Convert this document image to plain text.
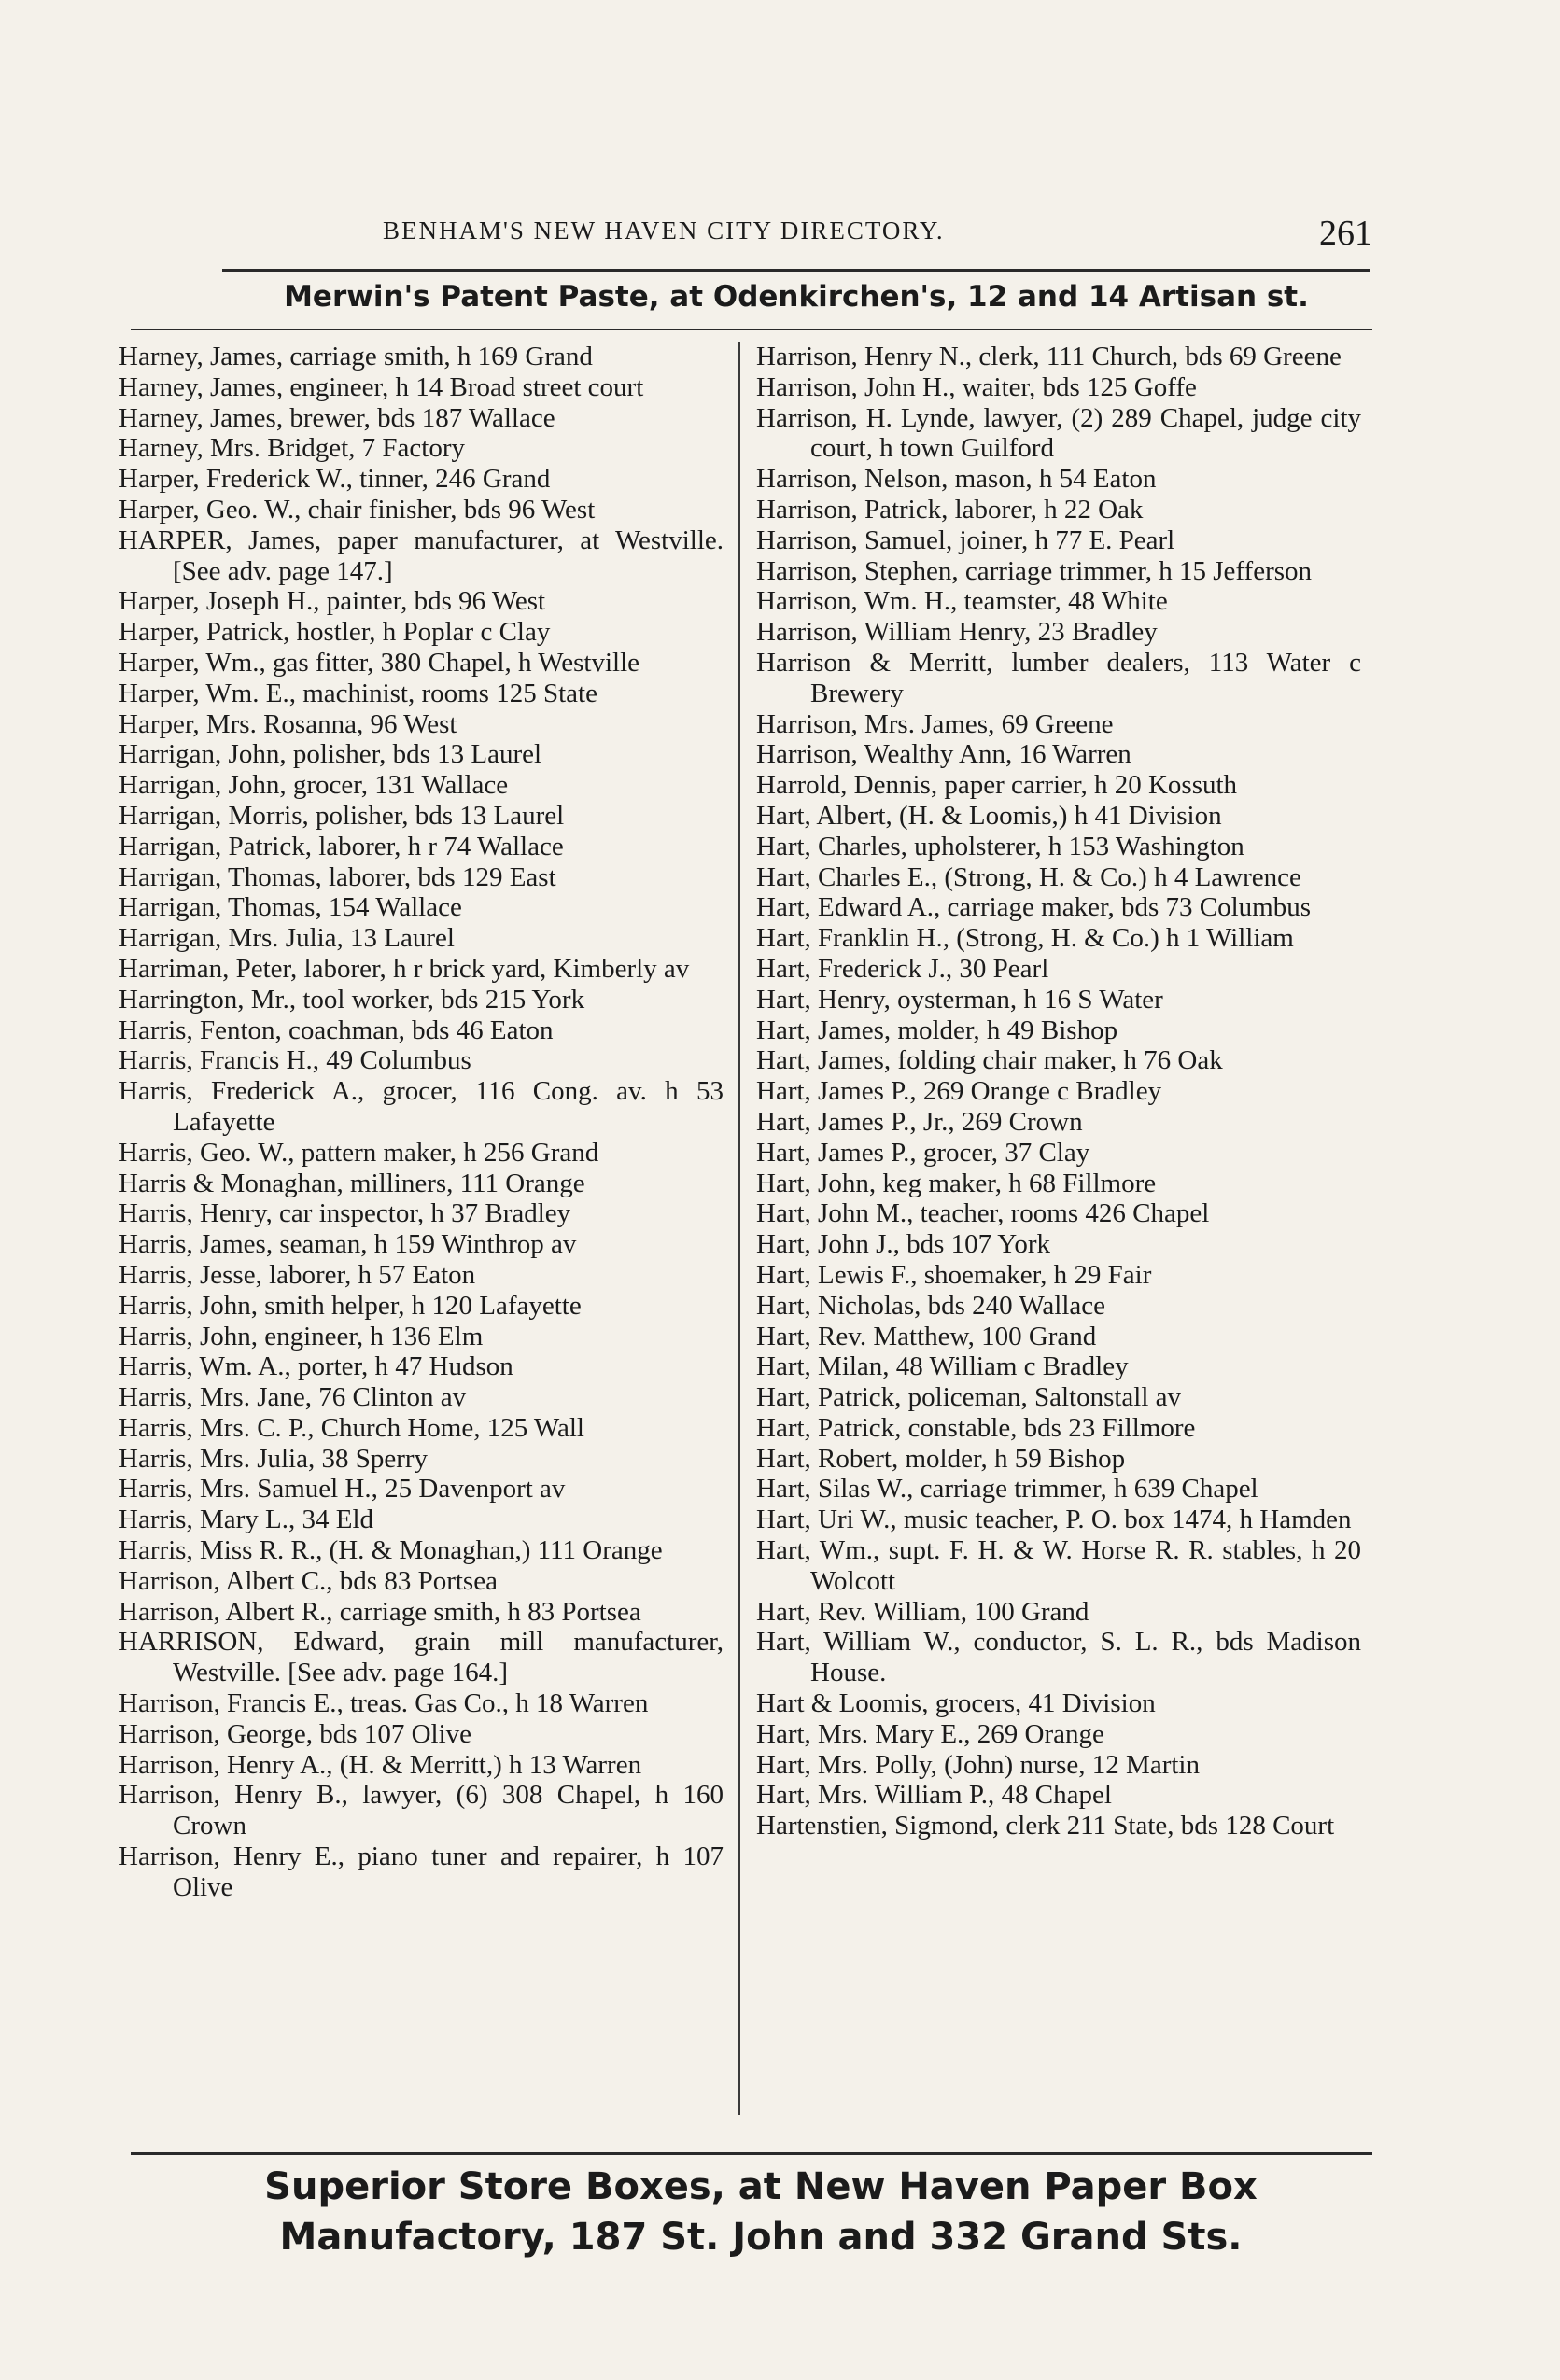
BENHAM'S NEW HAVEN CITY DIRECTORY.	261
Merwin's Patent Paste, at Odenkirchen's, 12 and 14 Artisan st.
Harney, James, carriage smith, h 169 Grand
Harney, James, engineer, h 14 Broad street court
Harney, James, brewer, bds 187 Wallace
Harney, Mrs. Bridget, 7 Factory
Harper, Frederick W., tinner, 246 Grand
Harper, Geo. W., chair finisher, bds 96 West
HARPER, James, paper manufacturer, at Westville. [See adv. page 147.]
Harper, Joseph H., painter, bds 96 West
Harper, Patrick, hostler, h Poplar c Clay
Harper, Wm., gas fitter, 380 Chapel, h Westville
Harper, Wm. E., machinist, rooms 125 State
Harper, Mrs. Rosanna, 96 West
Harrigan, John, polisher, bds 13 Laurel
Harrigan, John, grocer, 131 Wallace
Harrigan, Morris, polisher, bds 13 Laurel
Harrigan, Patrick, laborer, h r 74 Wallace
Harrigan, Thomas, laborer, bds 129 East
Harrigan, Thomas, 154 Wallace
Harrigan, Mrs. Julia, 13 Laurel
Harriman, Peter, laborer, h r brick yard, Kimberly av
Harrington, Mr., tool worker, bds 215 York
Harris, Fenton, coachman, bds 46 Eaton
Harris, Francis H., 49 Columbus
Harris, Frederick A., grocer, 116 Cong. av. h 53 Lafayette
Harris, Geo. W., pattern maker, h 256 Grand
Harris & Monaghan, milliners, 111 Orange
Harris, Henry, car inspector, h 37 Bradley
Harris, James, seaman, h 159 Winthrop av
Harris, Jesse, laborer, h 57 Eaton
Harris, John, smith helper, h 120 Lafayette
Harris, John, engineer, h 136 Elm
Harris, Wm. A., porter, h 47 Hudson
Harris, Mrs. Jane, 76 Clinton av
Harris, Mrs. C. P., Church Home, 125 Wall
Harris, Mrs. Julia, 38 Sperry
Harris, Mrs. Samuel H., 25 Davenport av
Harris, Mary L., 34 Eld
Harris, Miss R. R., (H. & Monaghan,) 111 Orange
Harrison, Albert C., bds 83 Portsea
Harrison, Albert R., carriage smith, h 83 Portsea
HARRISON, Edward, grain mill manufacturer, Westville. [See adv. page 164.]
Harrison, Francis E., treas. Gas Co., h 18 Warren
Harrison, George, bds 107 Olive
Harrison, Henry A., (H. & Merritt,) h 13 Warren
Harrison, Henry B., lawyer, (6) 308 Chapel, h 160 Crown
Harrison, Henry E., piano tuner and repairer, h 107 Olive
Harrison, Henry N., clerk, 111 Church, bds 69 Greene
Harrison, John H., waiter, bds 125 Goffe
Harrison, H. Lynde, lawyer, (2) 289 Chapel, judge city court, h town Guilford
Harrison, Nelson, mason, h 54 Eaton
Harrison, Patrick, laborer, h 22 Oak
Harrison, Samuel, joiner, h 77 E. Pearl
Harrison, Stephen, carriage trimmer, h 15 Jefferson
Harrison, Wm. H., teamster, 48 White
Harrison, William Henry, 23 Bradley
Harrison & Merritt, lumber dealers, 113 Water c Brewery
Harrison, Mrs. James, 69 Greene
Harrison, Wealthy Ann, 16 Warren
Harrold, Dennis, paper carrier, h 20 Kossuth
Hart, Albert, (H. & Loomis,) h 41 Division
Hart, Charles, upholsterer, h 153 Washington
Hart, Charles E., (Strong, H. & Co.) h 4 Lawrence
Hart, Edward A., carriage maker, bds 73 Columbus
Hart, Franklin H., (Strong, H. & Co.) h 1 William
Hart, Frederick J., 30 Pearl
Hart, Henry, oysterman, h 16 S Water
Hart, James, molder, h 49 Bishop
Hart, James, folding chair maker, h 76 Oak
Hart, James P., 269 Orange c Bradley
Hart, James P., Jr., 269 Crown
Hart, James P., grocer, 37 Clay
Hart, John, keg maker, h 68 Fillmore
Hart, John M., teacher, rooms 426 Chapel
Hart, John J., bds 107 York
Hart, Lewis F., shoemaker, h 29 Fair
Hart, Nicholas, bds 240 Wallace
Hart, Rev. Matthew, 100 Grand
Hart, Milan, 48 William c Bradley
Hart, Patrick, policeman, Saltonstall av
Hart, Patrick, constable, bds 23 Fillmore
Hart, Robert, molder, h 59 Bishop
Hart, Silas W., carriage trimmer, h 639 Chapel
Hart, Uri W., music teacher, P. O. box 1474, h Hamden
Hart, Wm., supt. F. H. & W. Horse R. R. stables, h 20 Wolcott
Hart, Rev. William, 100 Grand
Hart, William W., conductor, S. L. R., bds Madison House.
Hart & Loomis, grocers, 41 Division
Hart, Mrs. Mary E., 269 Orange
Hart, Mrs. Polly, (John) nurse, 12 Martin
Hart, Mrs. William P., 48 Chapel
Hartenstien, Sigmond, clerk 211 State, bds 128 Court
Superior Store Boxes, at New Haven Paper Box Manufactory, 187 St. John and 332 Grand Sts.
